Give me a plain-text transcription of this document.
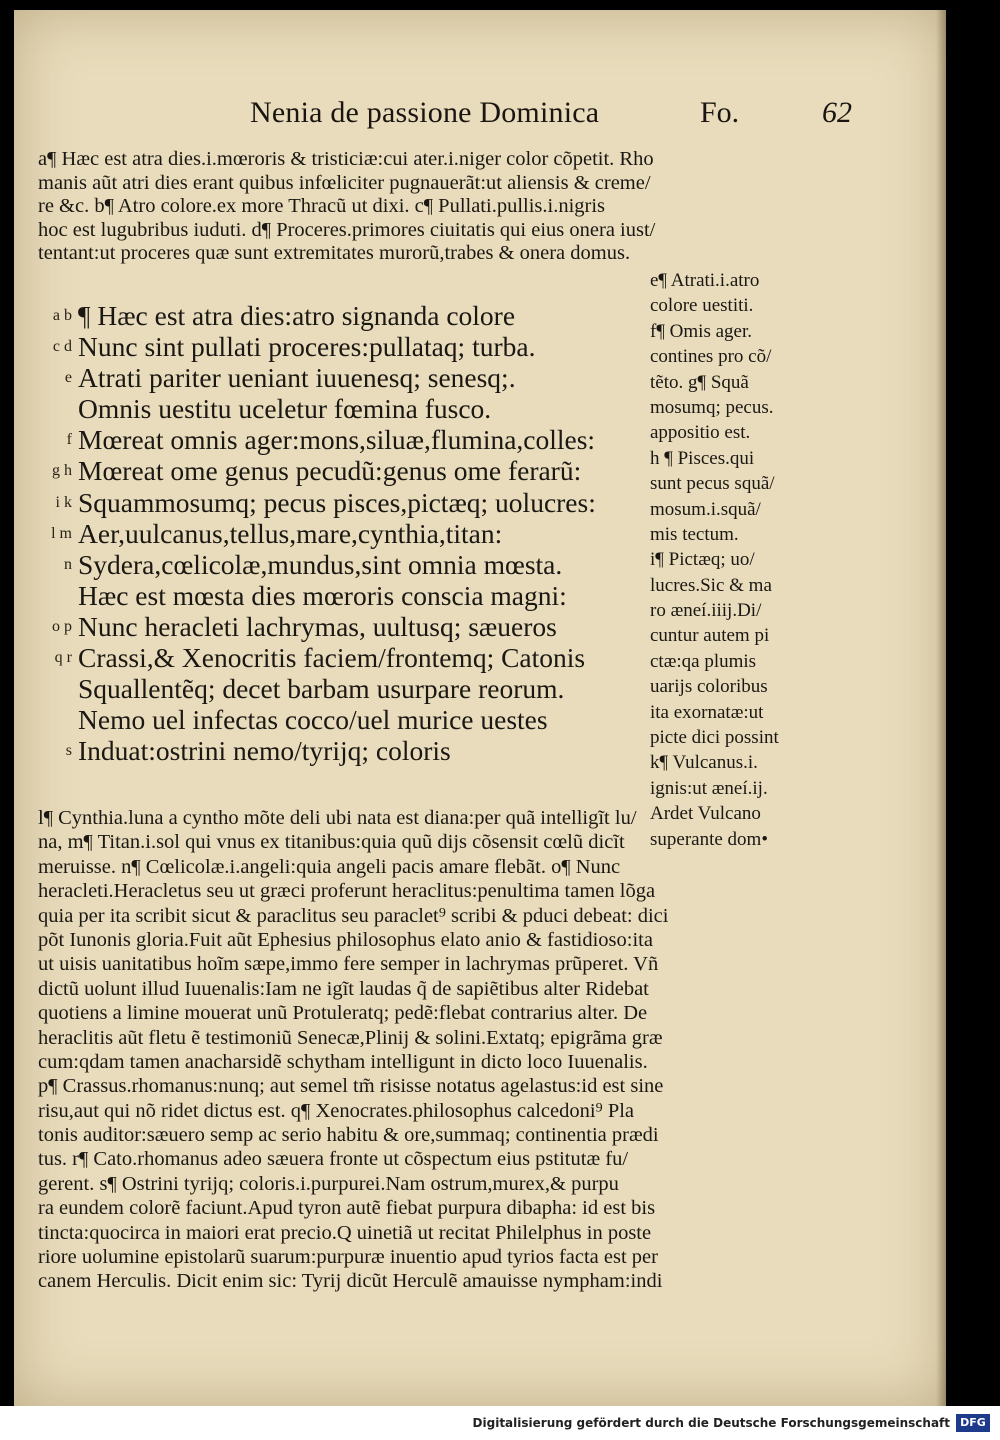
Nenia de passione Dominica	Fo.	62
a¶ Hæc est atra dies.i.mœroris & tristiciæ:cui ater.i.niger color cõpetit. Rho
manis aũt atri dies erant quibus infœliciter pugnauerãt:ut aliensis & creme/
re &c. b¶ Atro colore.ex more Thracũ ut dixi. c¶ Pullati.pullis.i.nigris
hoc est lugubribus iuduti. d¶ Proceres.primores ciuitatis qui eius onera iust/
tentant:ut proceres quæ sunt extremitates murorũ,trabes & onera domus.
e¶ Atrati.i.atro
colore uestiti.
f¶ Omis ager.
contines pro cõ/
tẽto. g¶ Squã
mosumq; pecus.
appositio est.
h ¶ Pisces.qui
sunt pecus squã/
mosum.i.squã/
mis tectum.
i¶ Pictæq; uo/
lucres.Sic & ma
ro æneí.iiij.Di/
cuntur autem pi
ctæ:qa plumis
uarijs coloribus
ita exornatæ:ut
picte dici possint
k¶ Vulcanus.i.
ignis:ut æneí.ij.
Ardet Vulcano
superante dom•
a b ¶ Hæc est atra dies:atro signanda colore
c d Nunc sint pullati proceres:pullataq; turba.
e Atrati pariter ueniant iuuenesq; senesq;.
Omnis uestitu uceletur fœmina fusco.
f Mœreat omnis ager:mons,siluæ,flumina,colles:
g h Mœreat ome genus pecudũ:genus ome ferarũ:
i k Squammosumq; pecus pisces,pictæq; uolucres:
l m Aer,uulcanus,tellus,mare,cynthia,titan:
n Sydera,cœlicolæ,mundus,sint omnia mœsta.
Hæc est mœsta dies mœroris conscia magni:
o p Nunc heracleti lachrymas, uultusq; sæueros
q r Crassi,& Xenocritis faciem/frontemq; Catonis
Squallentẽq; decet barbam usurpare reorum.
Nemo uel infectas cocco/uel murice uestes
s Induat:ostrini nemo/tyrijq; coloris
l¶ Cynthia.luna a cyntho mõte deli ubi nata est diana:per quã intelligĩt lu/
na, m¶ Titan.i.sol qui vnus ex titanibus:quia quũ dijs cõsensit cœlũ dicĩt
meruisse. n¶ Cœlicolæ.i.angeli:quia angeli pacis amare flebãt. o¶ Nunc
heracleti.Heracletus seu ut græci proferunt heraclitus:penultima tamen lõga
quia per ita scribit sicut & paraclitus seu paraclet⁹ scribi & pduci debeat: dici
põt Iunonis gloria.Fuit aũt Ephesius philosophus elato anio & fastidioso:ita
ut uisis uanitatibus hoĩm sæpe,immo fere semper in lachrymas prũperet. Vñ
dictũ uolunt illud Iuuenalis:Iam ne igĩt laudas q̃ de sapiẽtibus alter Ridebat
quotiens a limine mouerat unũ Protuleratq; pedẽ:flebat contrarius alter. De
heraclitis aũt fletu ẽ testimoniũ Senecæ,Plinij & solini.Extatq; epigrãma græ
cum:qdam tamen anacharsidẽ schytham intelligunt in dicto loco Iuuenalis.
p¶ Crassus.rhomanus:nunq; aut semel tm̃ risisse notatus agelastus:id est sine
risu,aut qui nõ ridet dictus est. q¶ Xenocrates.philosophus calcedoni⁹ Pla
tonis auditor:sæuero semp ac serio habitu & ore,summaq; continentia prædi
tus. r¶ Cato.rhomanus adeo sæuera fronte ut cõspectum eius pstitutæ fu/
gerent. s¶ Ostrini tyrijq; coloris.i.purpurei.Nam ostrum,murex,& purpu
ra eundem colorẽ faciunt.Apud tyron autẽ fiebat purpura dibapha: id est bis
tincta:quocirca in maiori erat precio.Q uinetiã ut recitat Philelphus in poste
riore uolumine epistolarũ suarum:purpuræ inuentio apud tyrios facta est per
canem Herculis. Dicit enim sic: Tyrij dicũt Herculẽ amauisse nympham:indi
Digitalisierung gefördert durch die Deutsche Forschungsgemeinschaft DFG
